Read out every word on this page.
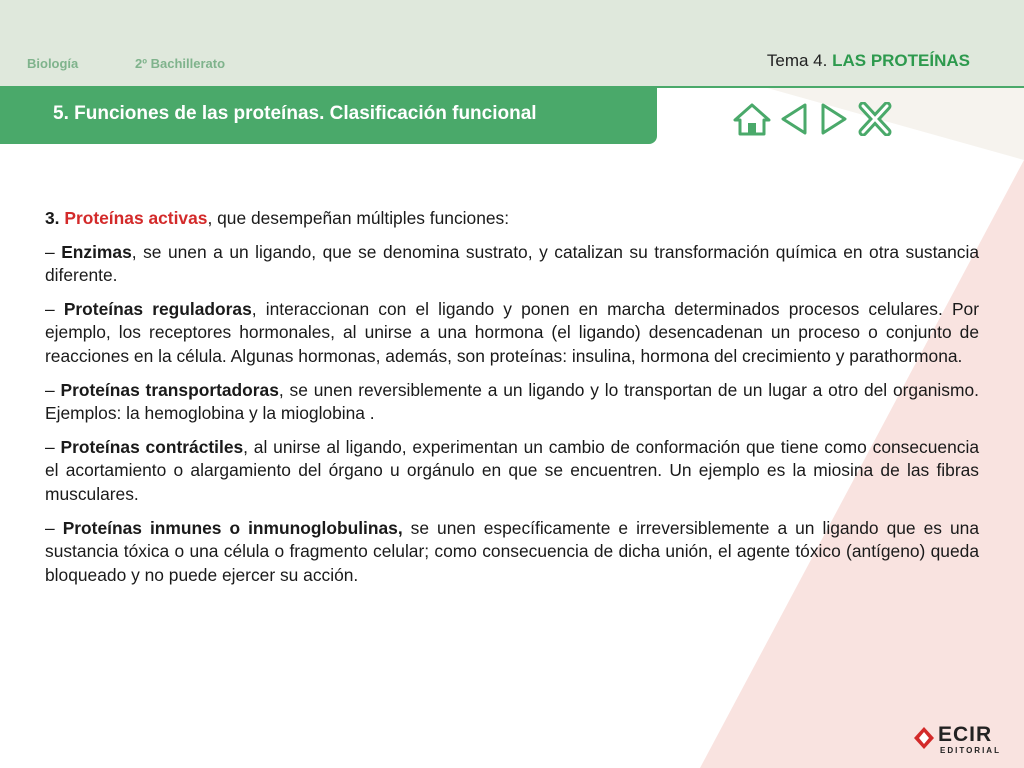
Biología	2º Bachillerato	Tema 4. LAS PROTEÍNAS
5. Funciones de las proteínas. Clasificación funcional

3. Proteínas activas, que desempeñan múltiples funciones:

– Enzimas, se unen a un ligando, que se denomina sustrato, y catalizan su transformación química en otra sustancia diferente.

– Proteínas reguladoras, interaccionan con el ligando y ponen en marcha determinados procesos celulares. Por ejemplo, los receptores hormonales, al unirse a una hormona (el ligando) desencadenan un proceso o conjunto de reacciones en la célula. Algunas hormonas, además, son proteínas: insulina, hormona del crecimiento y parathormona.

– Proteínas transportadoras, se unen reversiblemente a un ligando y lo transportan de un lugar a otro del organismo. Ejemplos: la hemoglobina y la mioglobina .

– Proteínas contráctiles, al unirse al ligando, experimentan un cambio de conformación que tiene como consecuencia el acortamiento o alargamiento del órgano u orgánulo en que se encuentren. Un ejemplo es la miosina de las fibras musculares.

– Proteínas inmunes o inmunoglobulinas, se unen específicamente e irreversiblemente a un ligando que es una sustancia tóxica o una célula o fragmento celular; como consecuencia de dicha unión, el agente tóxico (antígeno) queda bloqueado y no puede ejercer su acción.

ECIR
EDITORIAL
